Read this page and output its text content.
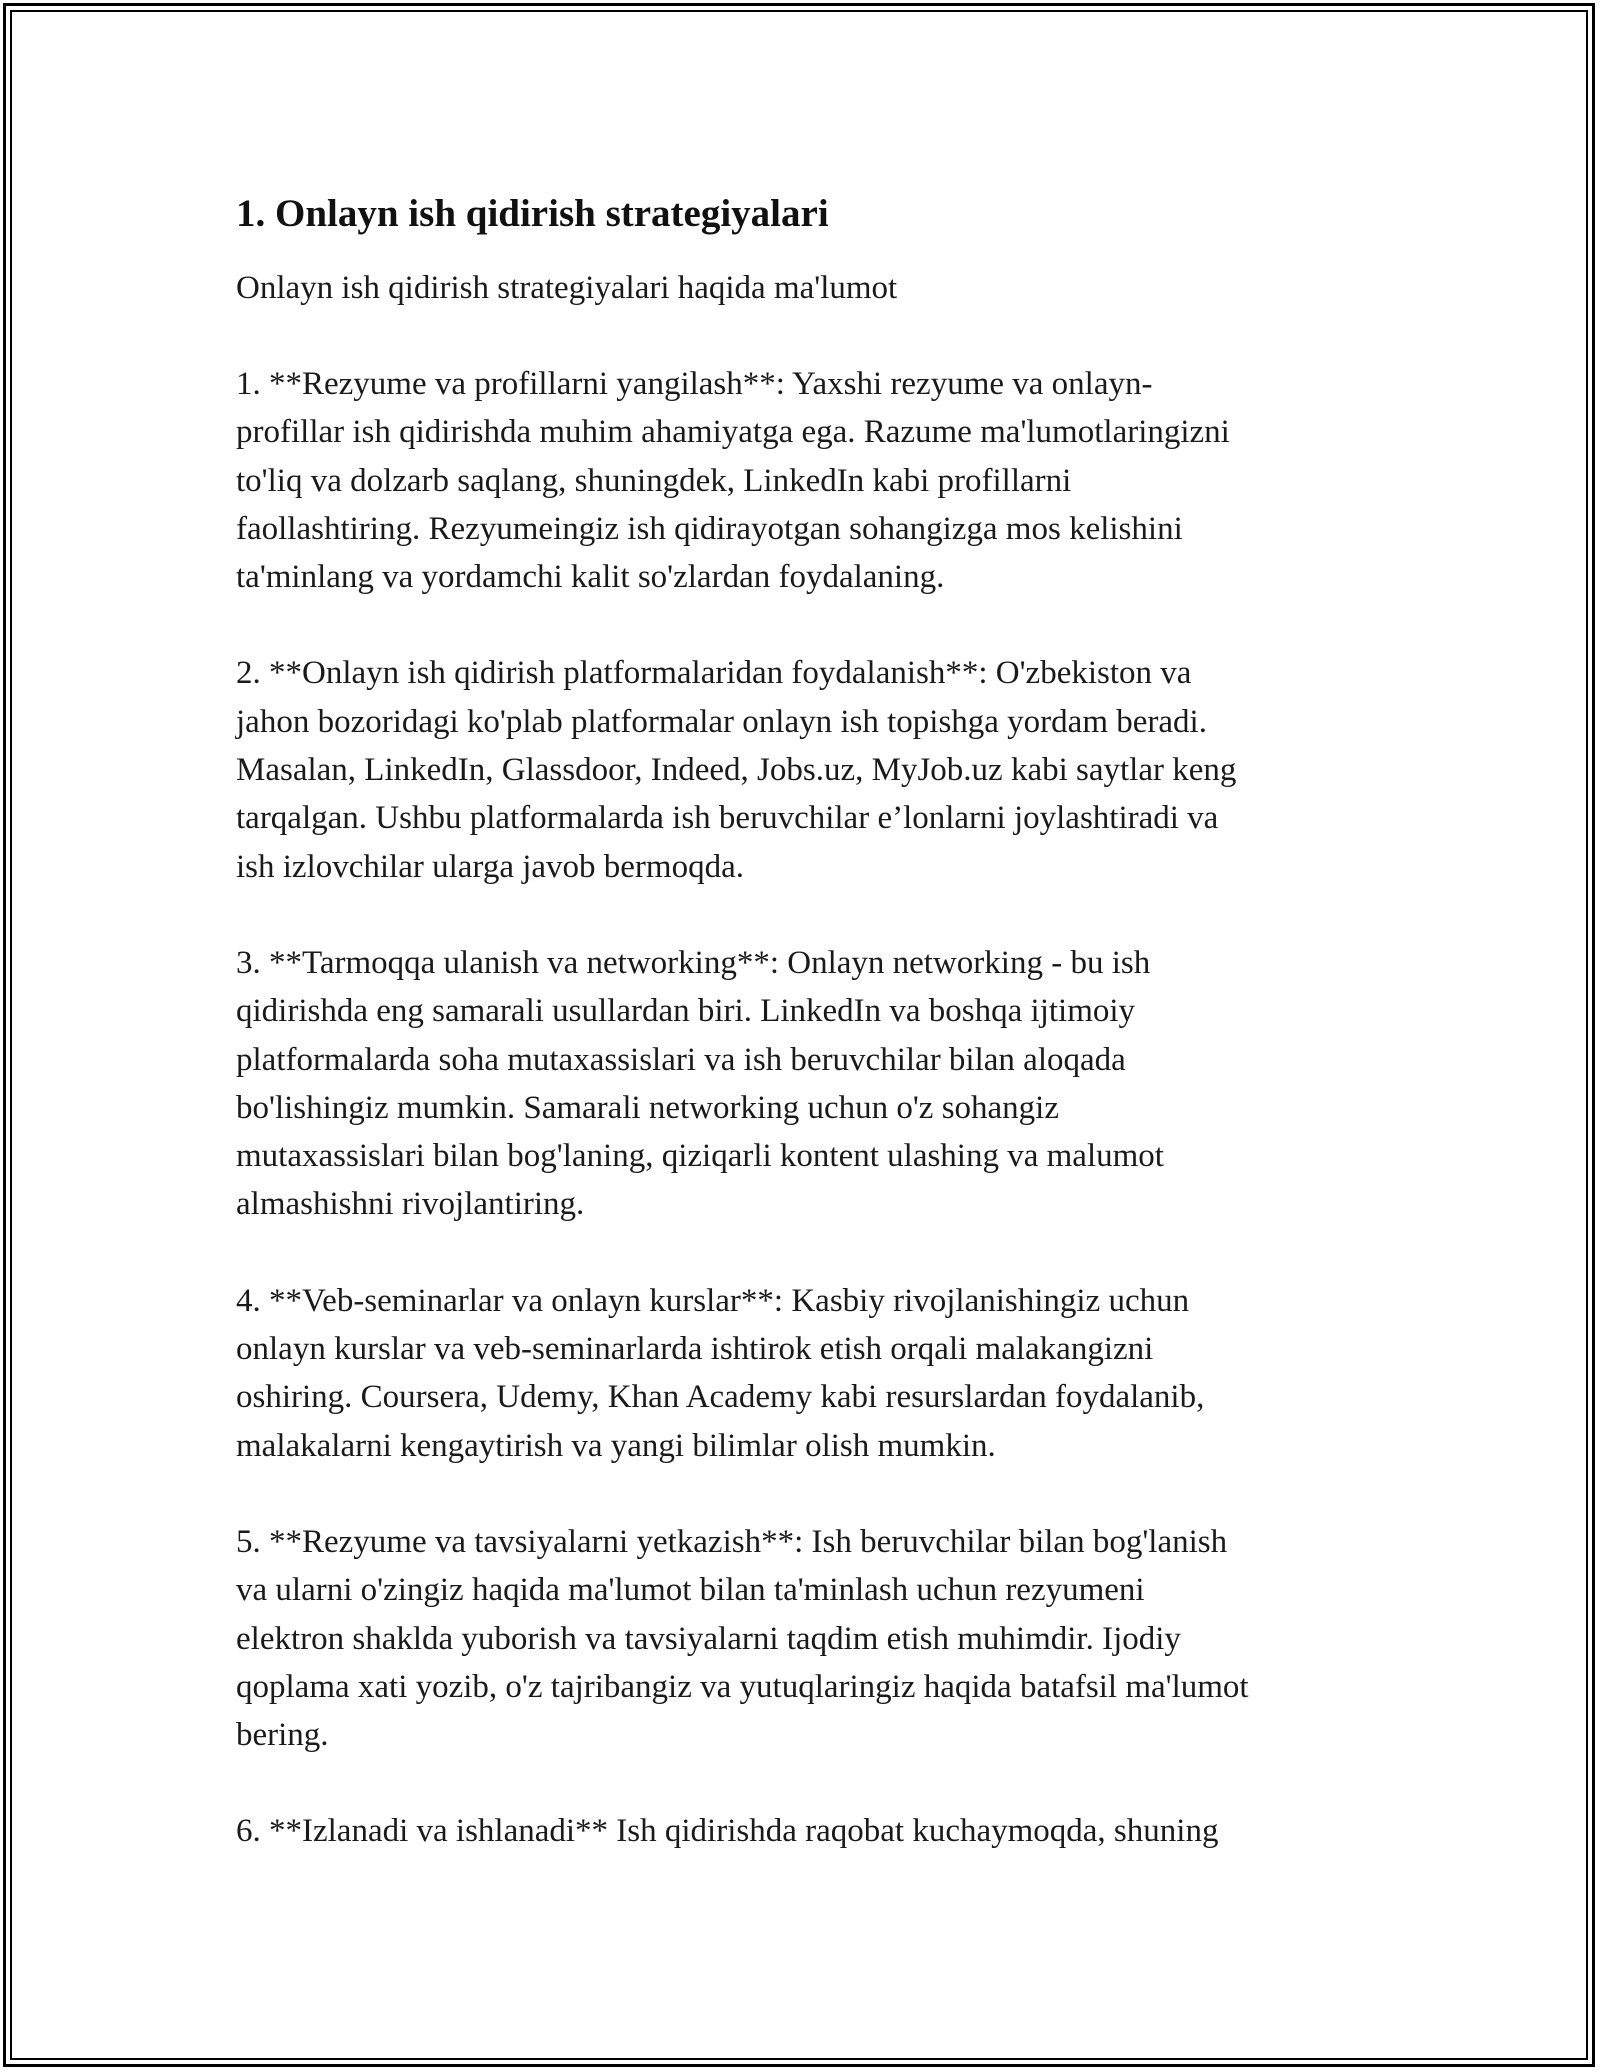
1. Onlayn ish qidirish strategiyalari

Onlayn ish qidirish strategiyalari haqida ma'lumot

1. **Rezyume va profillarni yangilash**: Yaxshi rezyume va onlayn-
profillar ish qidirishda muhim ahamiyatga ega. Razume ma'lumotlaringizni
to'liq va dolzarb saqlang, shuningdek, LinkedIn kabi profillarni
faollashtiring. Rezyumeingiz ish qidirayotgan sohangizga mos kelishini
ta'minlang va yordamchi kalit so'zlardan foydalaning.
2. **Onlayn ish qidirish platformalaridan foydalanish**: O'zbekiston va
jahon bozoridagi ko'plab platformalar onlayn ish topishga yordam beradi.
Masalan, LinkedIn, Glassdoor, Indeed, Jobs.uz, MyJob.uz kabi saytlar keng
tarqalgan. Ushbu platformalarda ish beruvchilar e’lonlarni joylashtiradi va
ish izlovchilar ularga javob bermoqda.
3. **Tarmoqqa ulanish va networking**: Onlayn networking - bu ish
qidirishda eng samarali usullardan biri. LinkedIn va boshqa ijtimoiy
platformalarda soha mutaxassislari va ish beruvchilar bilan aloqada
bo'lishingiz mumkin. Samarali networking uchun o'z sohangiz
mutaxassislari bilan bog'laning, qiziqarli kontent ulashing va malumot
almashishni rivojlantiring.
4. **Veb-seminarlar va onlayn kurslar**: Kasbiy rivojlanishingiz uchun
onlayn kurslar va veb-seminarlarda ishtirok etish orqali malakangizni
oshiring. Coursera, Udemy, Khan Academy kabi resurslardan foydalanib,
malakalarni kengaytirish va yangi bilimlar olish mumkin.
5. **Rezyume va tavsiyalarni yetkazish**: Ish beruvchilar bilan bog'lanish
va ularni o'zingiz haqida ma'lumot bilan ta'minlash uchun rezyumeni
elektron shaklda yuborish va tavsiyalarni taqdim etish muhimdir. Ijodiy
qoplama xati yozib, o'z tajribangiz va yutuqlaringiz haqida batafsil ma'lumot
bering.
6. **Izlanadi va ishlanadi** Ish qidirishda raqobat kuchaymoqda, shuning
